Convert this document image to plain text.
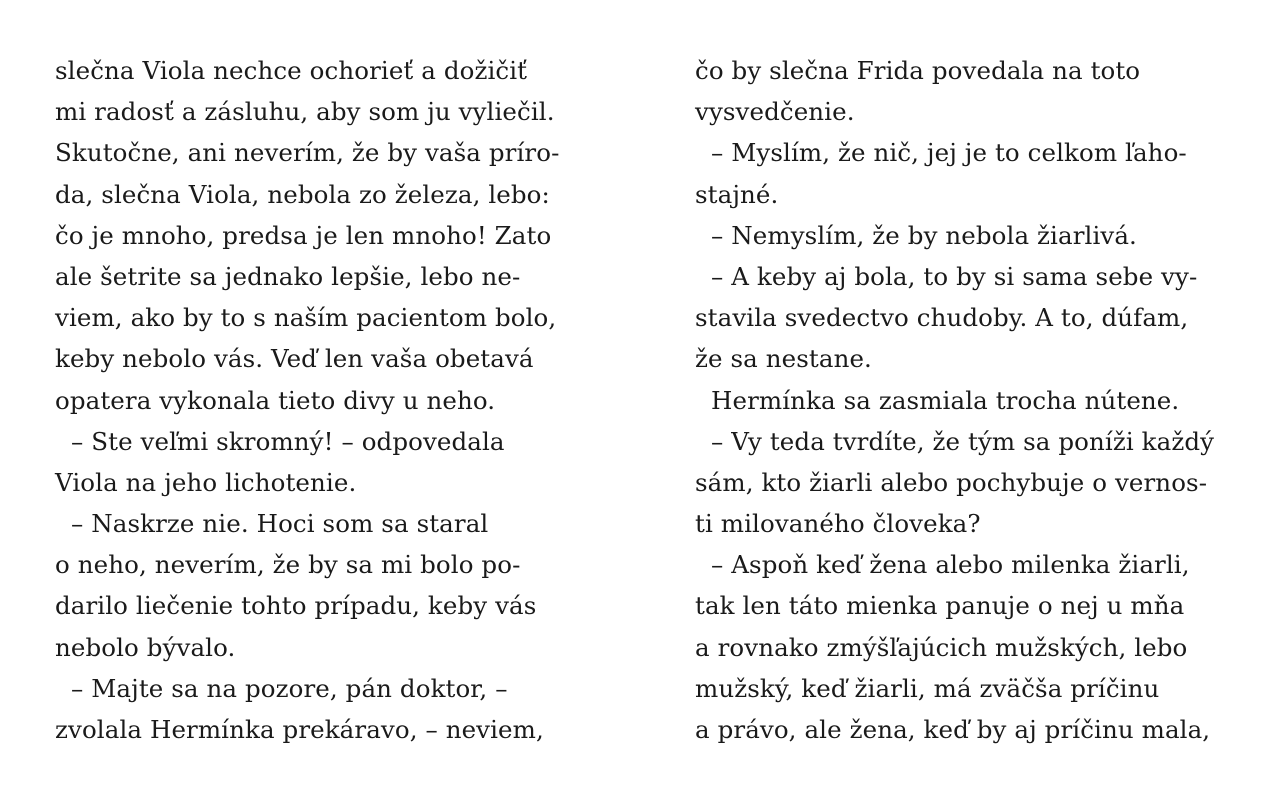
slečna Viola nechce ochorieť a dožičiť
mi radosť a zásluhu, aby som ju vyliečil.
Skutočne, ani neverím, že by vaša príro-
da, slečna Viola, nebola zo železa, lebo:
čo je mnoho, predsa je len mnoho! Zato
ale šetrite sa jednako lepšie, lebo ne-
viem, ako by to s naším pacientom bolo,
keby nebolo vás. Veď len vaša obetavá
opatera vykonala tieto divy u neho.
– Ste veľmi skromný! – odpovedala
Viola na jeho lichotenie.
– Naskrze nie. Hoci som sa staral
o neho, neverím, že by sa mi bolo po-
darilo liečenie tohto prípadu, keby vás
nebolo bývalo.
– Majte sa na pozore, pán doktor, –
zvolala Hermínka prekáravo, – neviem,
čo by slečna Frida povedala na toto
vysvedčenie.
– Myslím, že nič, jej je to celkom ľaho-
stajné.
– Nemyslím, že by nebola žiarlivá.
– A keby aj bola, to by si sama sebe vy-
stavila svedectvo chudoby. A to, dúfam,
že sa nestane.
Hermínka sa zasmiala trocha nútene.
– Vy teda tvrdíte, že tým sa poníži každý
sám, kto žiarli alebo pochybuje o vernos-
ti milovaného človeka?
– Aspoň keď žena alebo milenka žiarli,
tak len táto mienka panuje o nej u mňa
a rovnako zmýšľajúcich mužských, lebo
mužský, keď žiarli, má zväčša príčinu
a právo, ale žena, keď by aj príčinu mala,
